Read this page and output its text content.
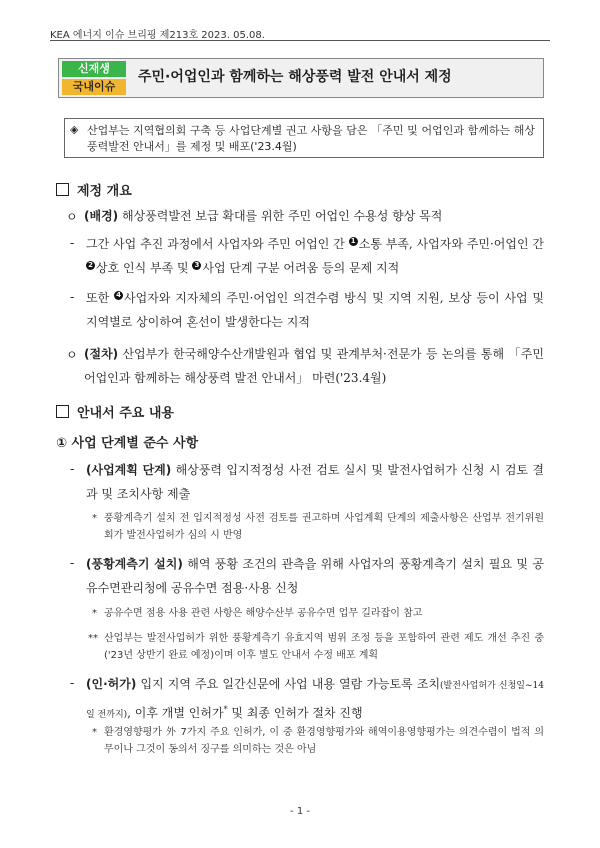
KEA 에너지 이슈 브리핑 제213호 2023. 05.08.
신재생
국내이슈
주민·어업인과 함께하는 해상풍력 발전 안내서 제정
◈ 산업부는 지역협의회 구축 등 사업단계별 권고 사항을 담은 「주민 및 어업인과 함께하는 해상풍력발전 안내서」를 제정 및 배포('23.4월)
제정 개요
ㅇ (배경) 해상풍력발전 보급 확대를 위한 주민 어업인 수용성 향상 목적
- 그간 사업 추진 과정에서 사업자와 주민 어업인 간 1 소통 부족, 사업자와 주민·어업인 간 2 상호 인식 부족 및 3 사업 단계 구분 어려움 등의 문제 지적
- 또한 4 사업자와 지자체의 주민·어업인 의견수렴 방식 및 지역 지원, 보상 등이 사업 및 지역별로 상이하여 혼선이 발생한다는 지적
ㅇ (절차) 산업부가 한국해양수산개발원과 협업 및 관계부처·전문가 등 논의를 통해 「주민 어업인과 함께하는 해상풍력 발전 안내서」 마련('23.4월)
안내서 주요 내용
① 사업 단계별 준수 사항
- (사업계획 단계) 해상풍력 입지적정성 사전 검토 실시 및 발전사업허가 신청 시 검토 결과 및 조치사항 제출
* 풍황계측기 설치 전 입지적정성 사전 검토를 권고하며 사업계획 단계의 제출사항은 산업부 전기위원회가 발전사업허가 심의 시 반영
- (풍황계측기 설치) 해역 풍황 조건의 관측을 위해 사업자의 풍황계측기 설치 필요 및 공유수면관리청에 공유수면 점용·사용 신청
* 공유수면 점용 사용 관련 사항은 해양수산부 공유수면 업무 길라잡이 참고
** 산업부는 발전사업허가 위한 풍황계측기 유효지역 범위 조정 등을 포함하여 관련 제도 개선 추진 중('23년 상반기 완료 예정)이며 이후 별도 안내서 수정 배포 계획
- (인·허가) 입지 지역 주요 일간신문에 사업 내용 열람 가능토록 조치(발전사업허가 신청일~14일 전까지), 이후 개별 인허가* 및 최종 인허가 절차 진행
* 환경영향평가 外 7가지 주요 인허가, 이 중 환경영향평가와 해역이용영향평가는 의견수렴이 법적 의무이나 그것이 동의서 징구를 의미하는 것은 아님
- 1 -
